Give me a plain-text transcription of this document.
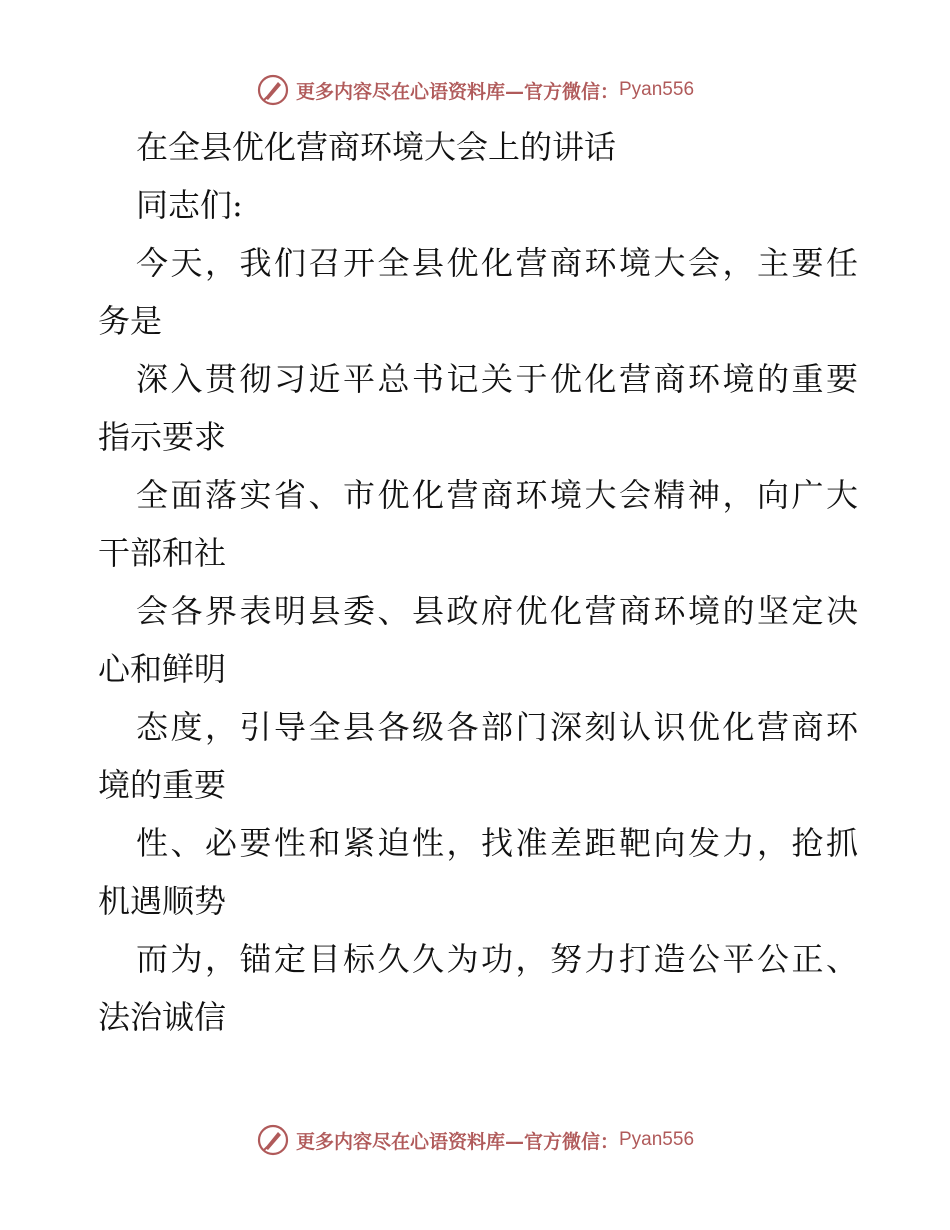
更多内容尽在心语资料库—官方微信： Pyan556
在全县优化营商环境大会上的讲话
同志们:
今天，我们召开全县优化营商环境大会，主要任
务是
深入贯彻习近平总书记关于优化营商环境的重要
指示要求
全面落实省、市优化营商环境大会精神，向广大
干部和社
会各界表明县委、县政府优化营商环境的坚定决
心和鲜明
态度，引导全县各级各部门深刻认识优化营商环
境的重要
性、必要性和紧迫性，找准差距靶向发力，抢抓
机遇顺势
而为，锚定目标久久为功，努力打造公平公正、
法治诚信
更多内容尽在心语资料库—官方微信： Pyan556
